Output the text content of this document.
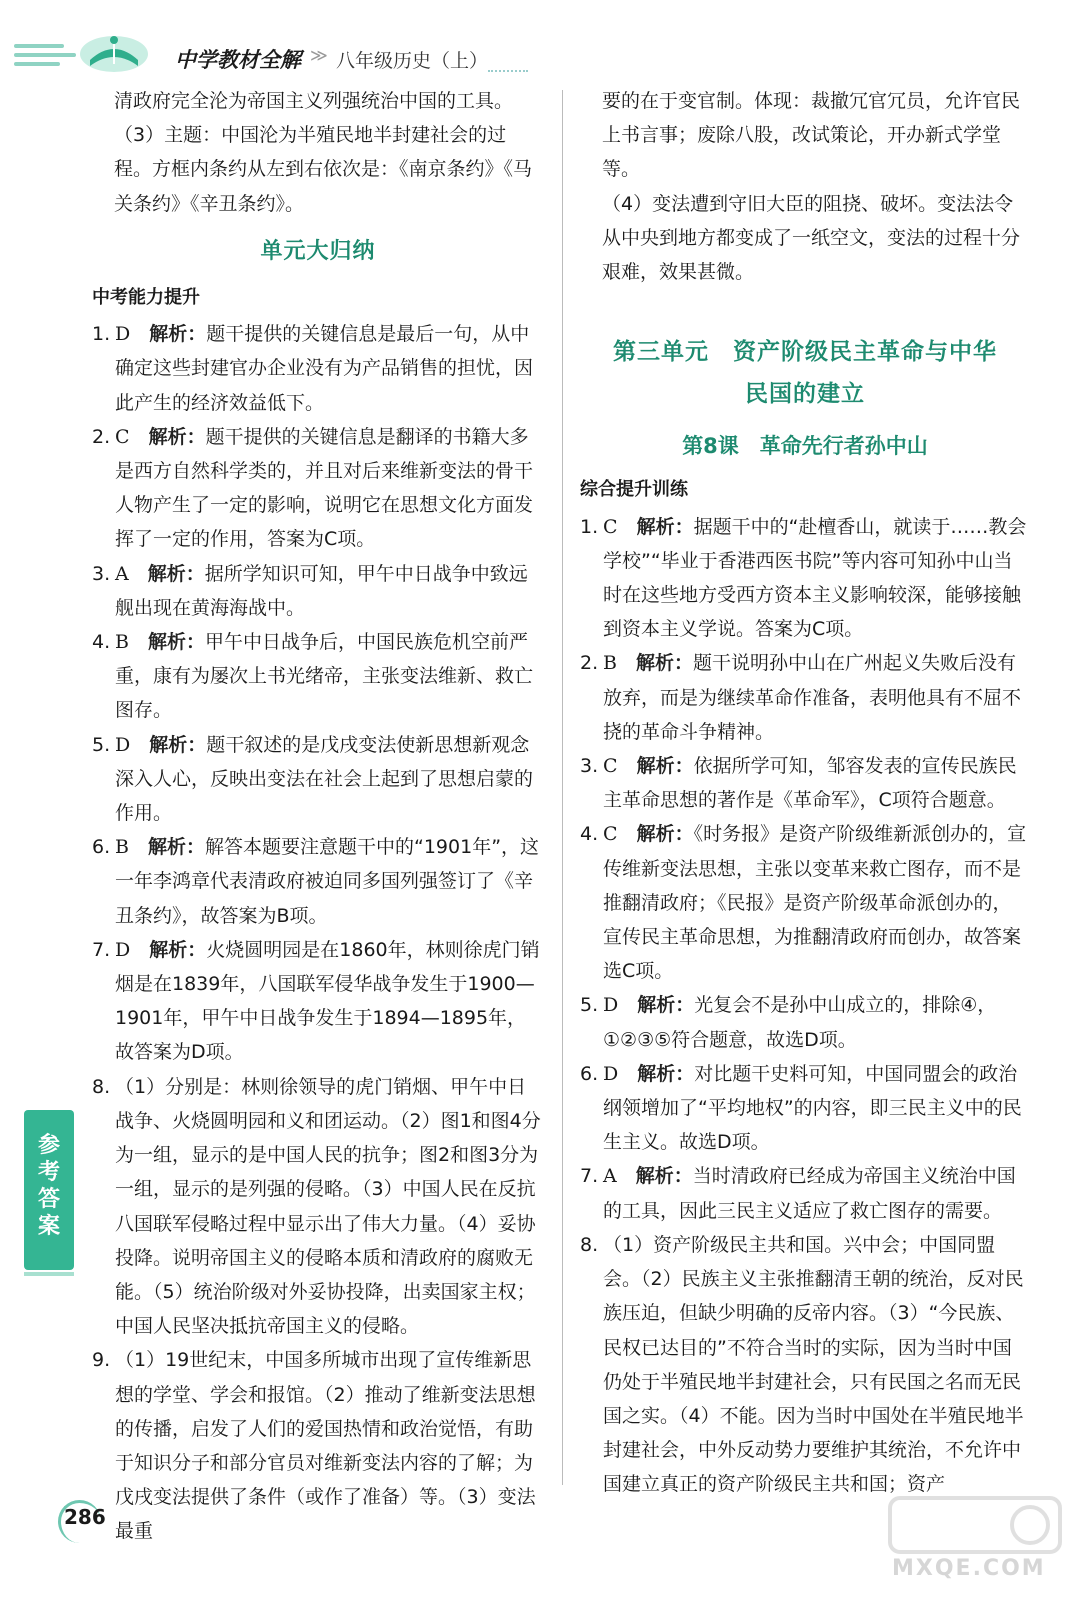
中学教材全解 ≫ 八年级历史（上）

清政府完全沦为帝国主义列强统治中国的工具。

（3）主题：中国沦为半殖民地半封建社会的过程。方框内条约从左到右依次是：《南京条约》《马关条约》《辛丑条约》。

单元大归纳
中考能力提升

1. D　 解析：题干提供的关键信息是最后一句，从中确定这些封建官办企业没有为产品销售的担忧，因此产生的经济效益低下。

2. C　 解析：题干提供的关键信息是翻译的书籍大多是西方自然科学类的，并且对后来维新变法的骨干人物产生了一定的影响，说明它在思想文化方面发挥了一定的作用，答案为C项。

3. A　 解析：据所学知识可知，甲午中日战争中致远舰出现在黄海海战中。

4. B　 解析：甲午中日战争后，中国民族危机空前严重，康有为屡次上书光绪帝，主张变法维新、救亡图存。

5. D　 解析：题干叙述的是戊戌变法使新思想新观念深入人心，反映出变法在社会上起到了思想启蒙的作用。

6. B　 解析：解答本题要注意题干中的“1901年”，这一年李鸿章代表清政府被迫同多国列强签订了《辛丑条约》，故答案为B项。

7. D　 解析：火烧圆明园是在1860年，林则徐虎门销烟是在1839年，八国联军侵华战争发生于1900—1901年，甲午中日战争发生于1894—1895年，故答案为D项。

8. （1）分别是：林则徐领导的虎门销烟、甲午中日战争、火烧圆明园和义和团运动。（2）图1和图4分为一组，显示的是中国人民的抗争；图2和图3分为一组，显示的是列强的侵略。（3）中国人民在反抗八国联军侵略过程中显示出了伟大力量。（4）妥协投降。说明帝国主义的侵略本质和清政府的腐败无能。（5）统治阶级对外妥协投降，出卖国家主权；中国人民坚决抵抗帝国主义的侵略。

9. （1）19世纪末，中国多所城市出现了宣传维新思想的学堂、学会和报馆。（2）推动了维新变法思想的传播，启发了人们的爱国热情和政治觉悟，有助于知识分子和部分官员对维新变法内容的了解；为戊戌变法提供了条件（或作了准备）等。（3）变法最重

要的在于变官制。体现：裁撤冗官冗员，允许官民上书言事；废除八股，改试策论，开办新式学堂等。

（4）变法遭到守旧大臣的阻挠、破坏。变法法令从中央到地方都变成了一纸空文，变法的过程十分艰难，效果甚微。

第三单元　资产阶级民主革命与中华
民国的建立
第8课　革命先行者孙中山
综合提升训练

1. C　 解析：据题干中的“赴檀香山，就读于……教会学校”“毕业于香港西医书院”等内容可知孙中山当时在这些地方受西方资本主义影响较深，能够接触到资本主义学说。答案为C项。

2. B　 解析：题干说明孙中山在广州起义失败后没有放弃，而是为继续革命作准备，表明他具有不屈不挠的革命斗争精神。

3. C　 解析：依据所学可知，邹容发表的宣传民族民主革命思想的著作是《革命军》，C项符合题意。

4. C　 解析：《时务报》是资产阶级维新派创办的，宣传维新变法思想，主张以变革来救亡图存，而不是推翻清政府；《民报》是资产阶级革命派创办的，宣传民主革命思想，为推翻清政府而创办，故答案选C项。

5. D　 解析：光复会不是孙中山成立的，排除④，①②③⑤符合题意，故选D项。

6. D　 解析：对比题干史料可知，中国同盟会的政治纲领增加了“平均地权”的内容，即三民主义中的民生主义。故选D项。

7. A　 解析：当时清政府已经成为帝国主义统治中国的工具，因此三民主义适应了救亡图存的需要。

8. （1）资产阶级民主共和国。兴中会；中国同盟会。（2）民族主义主张推翻清王朝的统治，反对民族压迫，但缺少明确的反帝内容。（3）“今民族、民权已达目的”不符合当时的实际，因为当时中国仍处于半殖民地半封建社会，只有民国之名而无民国之实。（4）不能。因为当时中国处在半殖民地半封建社会，中外反动势力要维护其统治，不允许中国建立真正的资产阶级民主共和国；资产

参考答案
286
MXQE.COM
